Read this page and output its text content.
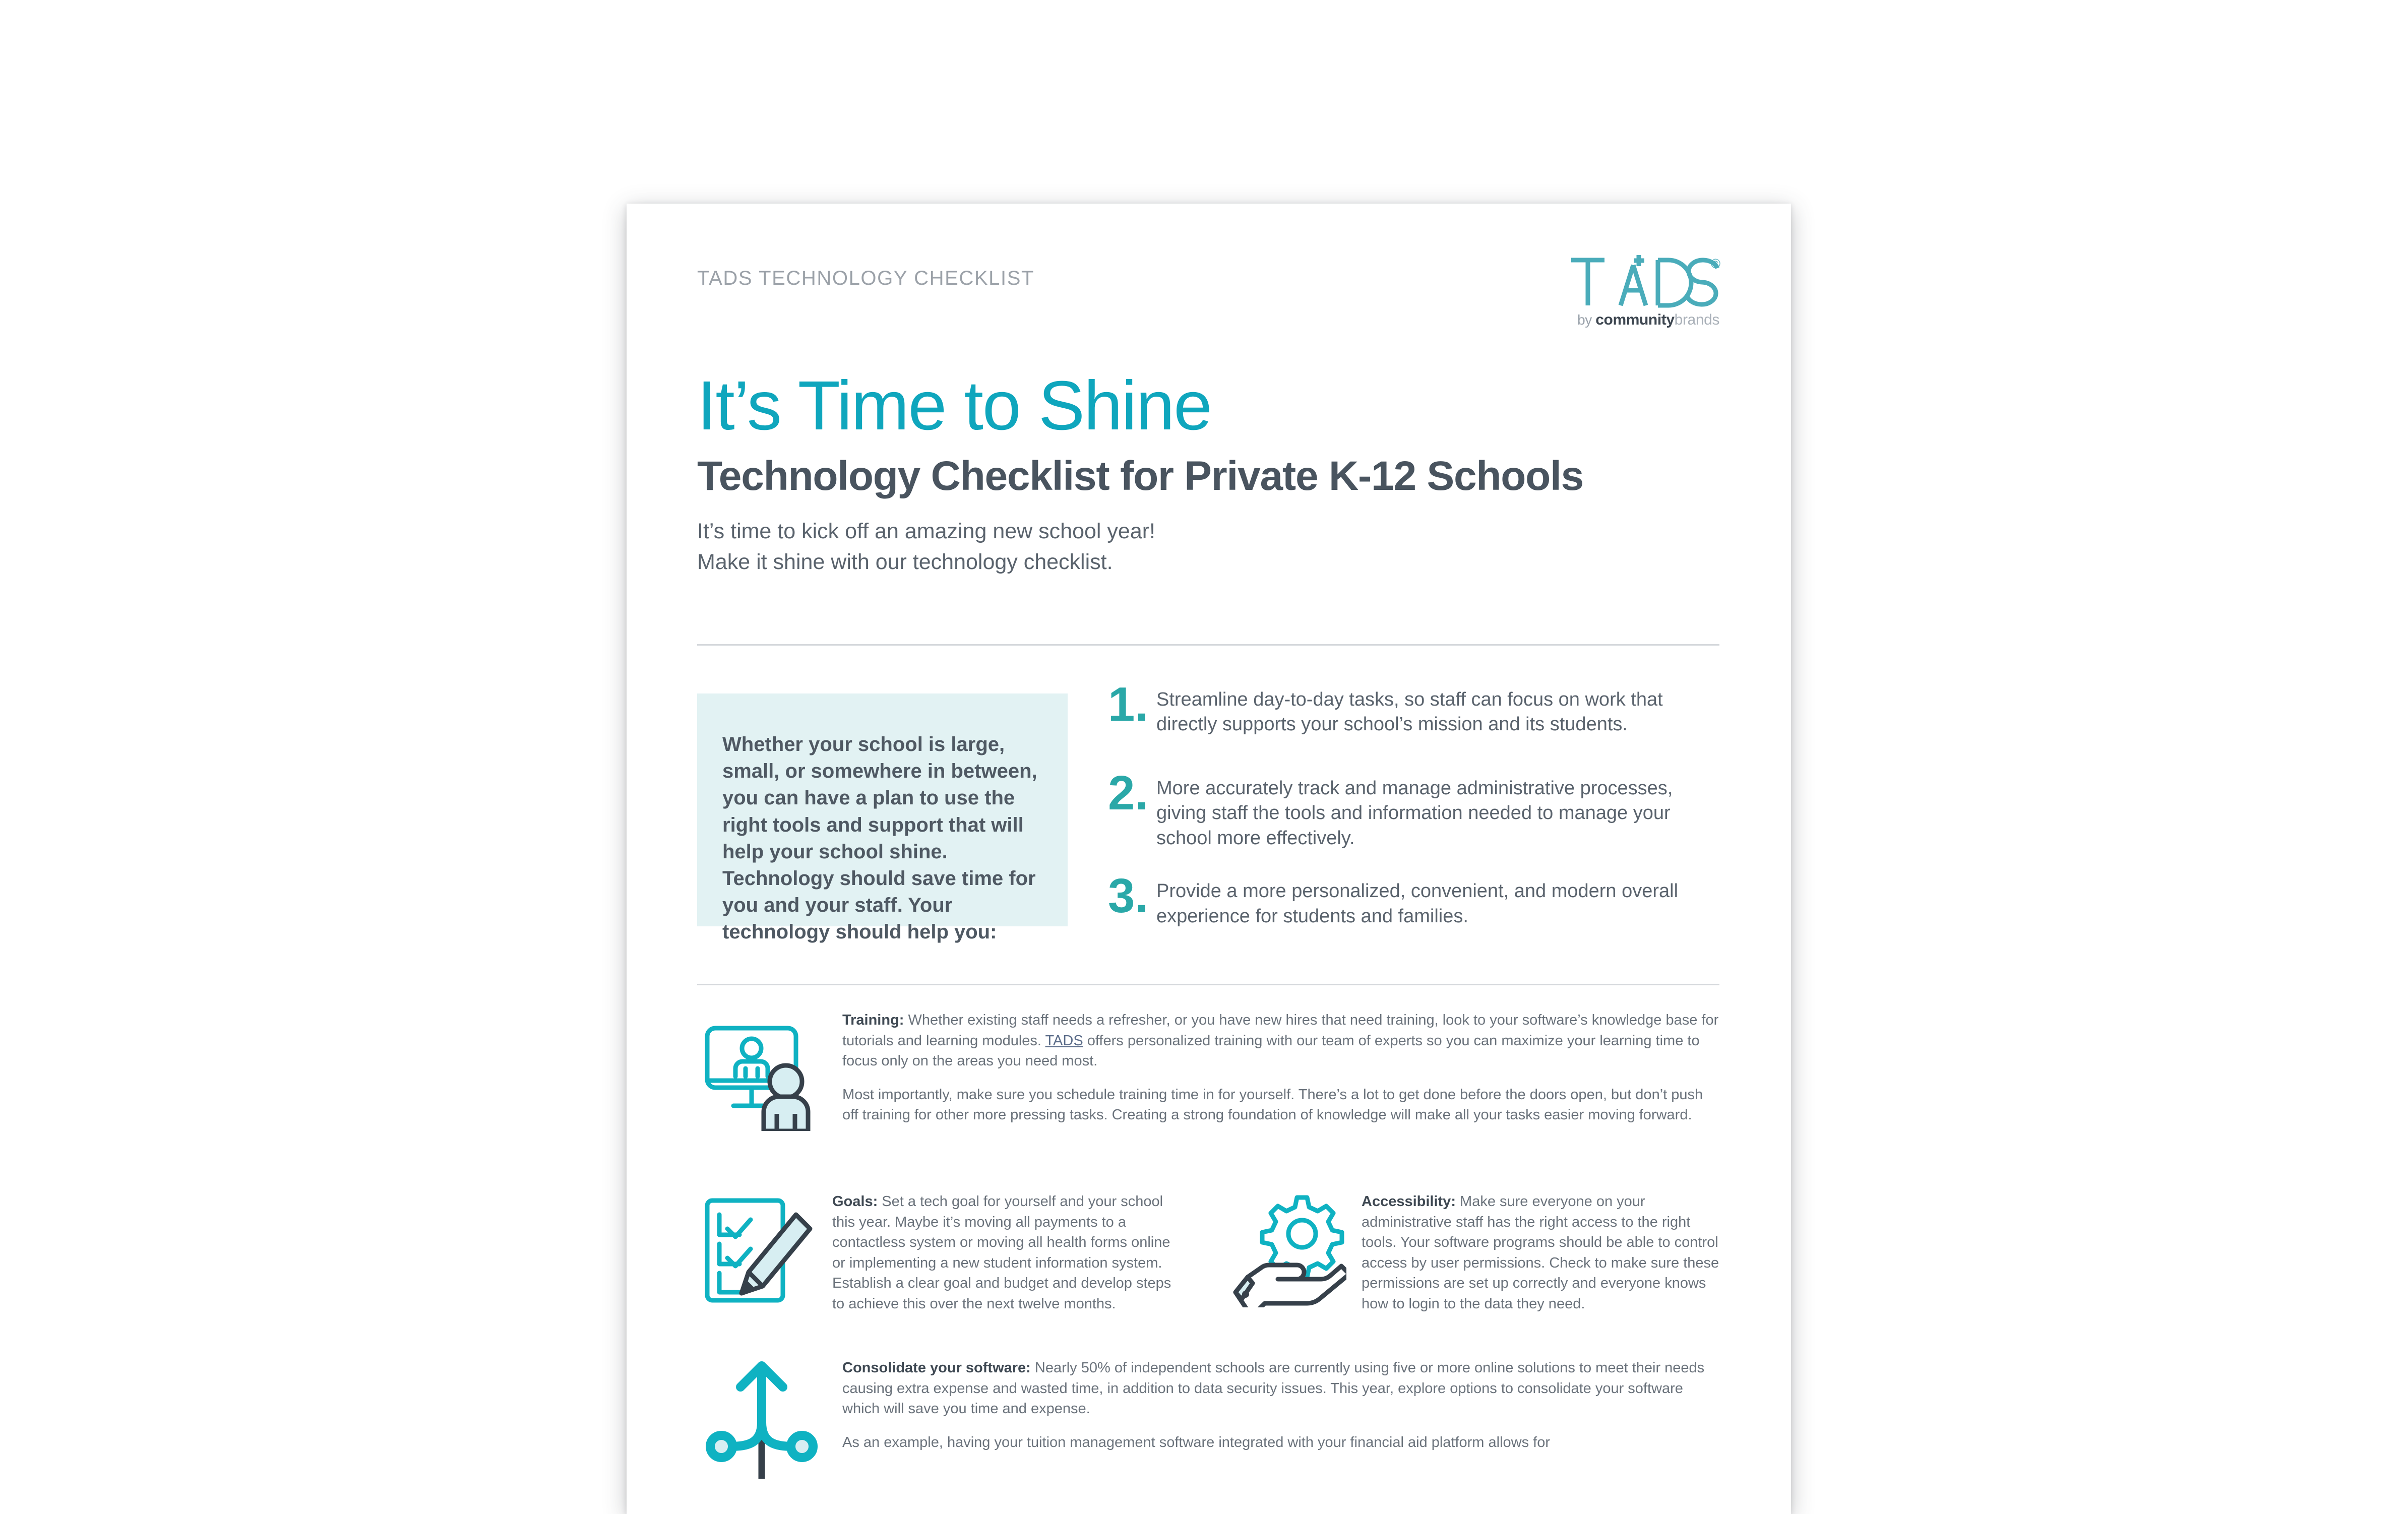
TADS TECHNOLOGY CHECKLIST
®
by communitybrands
It’s Time to Shine
Technology Checklist for Private K-12 Schools
It’s time to kick off an amazing new school year!
Make it shine with our technology checklist.

Whether your school is large, small, or somewhere in between, you can have a plan to use the right tools and support that will help your school shine. Technology should save time for you and your staff. Your technology should help you:

1. Streamline day-to-day tasks, so staff can focus on work that directly supports your school’s mission and its students.
2. More accurately track and manage administrative processes, giving staff the tools and information needed to manage your school more effectively.
3. Provide a more personalized, convenient, and modern overall experience for students and families.

Training: Whether existing staff needs a refresher, or you have new hires that need training, look to your software’s knowledge base for tutorials and learning modules. TADS offers personalized training with our team of experts so you can maximize your learning time to focus only on the areas you need most.

Most importantly, make sure you schedule training time in for yourself. There’s a lot to get done before the doors open, but don’t push off training for other more pressing tasks. Creating a strong foundation of knowledge will make all your tasks easier moving forward.

Goals: Set a tech goal for yourself and your school this year. Maybe it’s moving all payments to a contactless system or moving all health forms online or implementing a new student information system. Establish a clear goal and budget and develop steps to achieve this over the next twelve months.

Accessibility: Make sure everyone on your administrative staff has the right access to the right tools. Your software programs should be able to control access by user permissions. Check to make sure these permissions are set up correctly and everyone knows how to login to the data they need.

Consolidate your software: Nearly 50% of independent schools are currently using five or more online solutions to meet their needs causing extra expense and wasted time, in addition to data security issues. This year, explore options to consolidate your software which will save you time and expense.

As an example, having your tuition management software integrated with your financial aid platform allows for
